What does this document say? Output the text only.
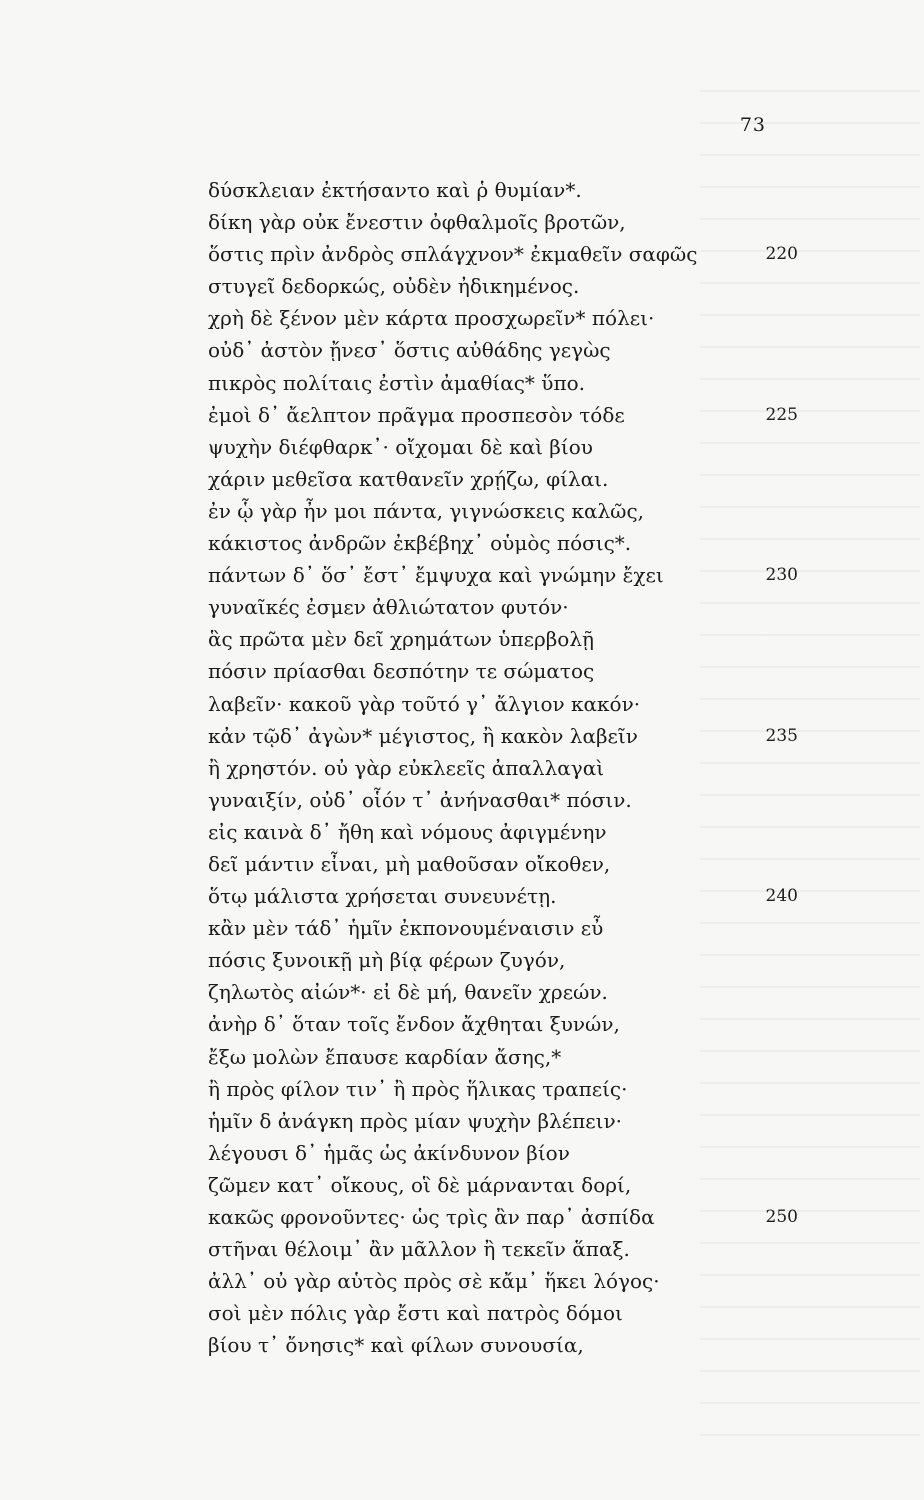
73
δύσκλειαν ἐκτήσαντο καὶ ῥ θυμίαν*.
δίκη γὰρ οὐκ ἔνεστιν ὀφθαλμοῖς βροτῶν,
ὅστις πρὶν ἀνδρὸς σπλάγχνον* ἐκμαθεῖν σαφῶς	220
στυγεῖ δεδορκώς, οὐδὲν ἠδικημένος.
χρὴ δὲ ξένον μὲν κάρτα προσχωρεῖν* πόλει·
οὐδ᾽ ἀστὸν ᾔνεσ᾽ ὅστις αὐθάδης γεγὼς
πικρὸς πολίταις ἐστὶν ἀμαθίας* ὕπο.
ἐμοὶ δ᾽ ἄελπτον πρᾶγμα προσπεσὸν τόδε	225
ψυχὴν διέφθαρκ᾽· οἴχομαι δὲ καὶ βίου
χάριν μεθεῖσα κατθανεῖν χρῄζω, φίλαι.
ἐν ᾧ γὰρ ἦν μοι πάντα, γιγνώσκεις καλῶς,
κάκιστος ἀνδρῶν ἐκβέβηχ᾽ οὑμὸς πόσις*.
πάντων δ᾽ ὅσ᾽ ἔστ᾽ ἔμψυχα καὶ γνώμην ἔχει	230
γυναῖκές ἐσμεν ἀθλιώτατον φυτόν·
ἃς πρῶτα μὲν δεῖ χρημάτων ὑπερβολῇ
πόσιν πρίασθαι δεσπότην τε σώματος
λαβεῖν· κακοῦ γὰρ τοῦτό γ᾽ ἄλγιον κακόν·
κἀν τῷδ᾽ ἀγὼν* μέγιστος, ἢ κακὸν λαβεῖν	235
ἢ χρηστόν. οὐ γὰρ εὐκλεεῖς ἀπαλλαγαὶ
γυναιξίν, οὐδ᾽ οἷόν τ᾽ ἀνήνασθαι* πόσιν.
εἰς καινὰ δ᾽ ἤθη καὶ νόμους ἀφιγμένην
δεῖ μάντιν εἶναι, μὴ μαθοῦσαν οἴκοθεν,
ὅτῳ μάλιστα χρήσεται συνευνέτῃ.	240
κἂν μὲν τάδ᾽ ἡμῖν ἐκπονουμέναισιν εὖ
πόσις ξυνοικῇ μὴ βίᾳ φέρων ζυγόν,
ζηλωτὸς αἰών*· εἰ δὲ μή, θανεῖν χρεών.
ἀνὴρ δ᾽ ὅταν τοῖς ἔνδον ἄχθηται ξυνών,
ἔξω μολὼν ἔπαυσε καρδίαν ἄσης,*
ἢ πρὸς φίλον τιν᾽ ἢ πρὸς ἥλικας τραπείς·
ἡμῖν δ ἀνάγκη πρὸς μίαν ψυχὴν βλέπειν·
λέγουσι δ᾽ ἡμᾶς ὡς ἀκίνδυνον βίον
ζῶμεν κατ᾽ οἴκους, οἳ δὲ μάρνανται δορί,
κακῶς φρονοῦντες· ὡς τρὶς ἂν παρ᾽ ἀσπίδα	250
στῆναι θέλοιμ᾽ ἂν μᾶλλον ἢ τεκεῖν ἅπαξ.
ἀλλ᾽ οὐ γὰρ αὑτὸς πρὸς σὲ κἄμ᾽ ἥκει λόγος·
σοὶ μὲν πόλις γὰρ ἔστι καὶ πατρὸς δόμοι
βίου τ᾽ ὄνησις* καὶ φίλων συνουσία,
